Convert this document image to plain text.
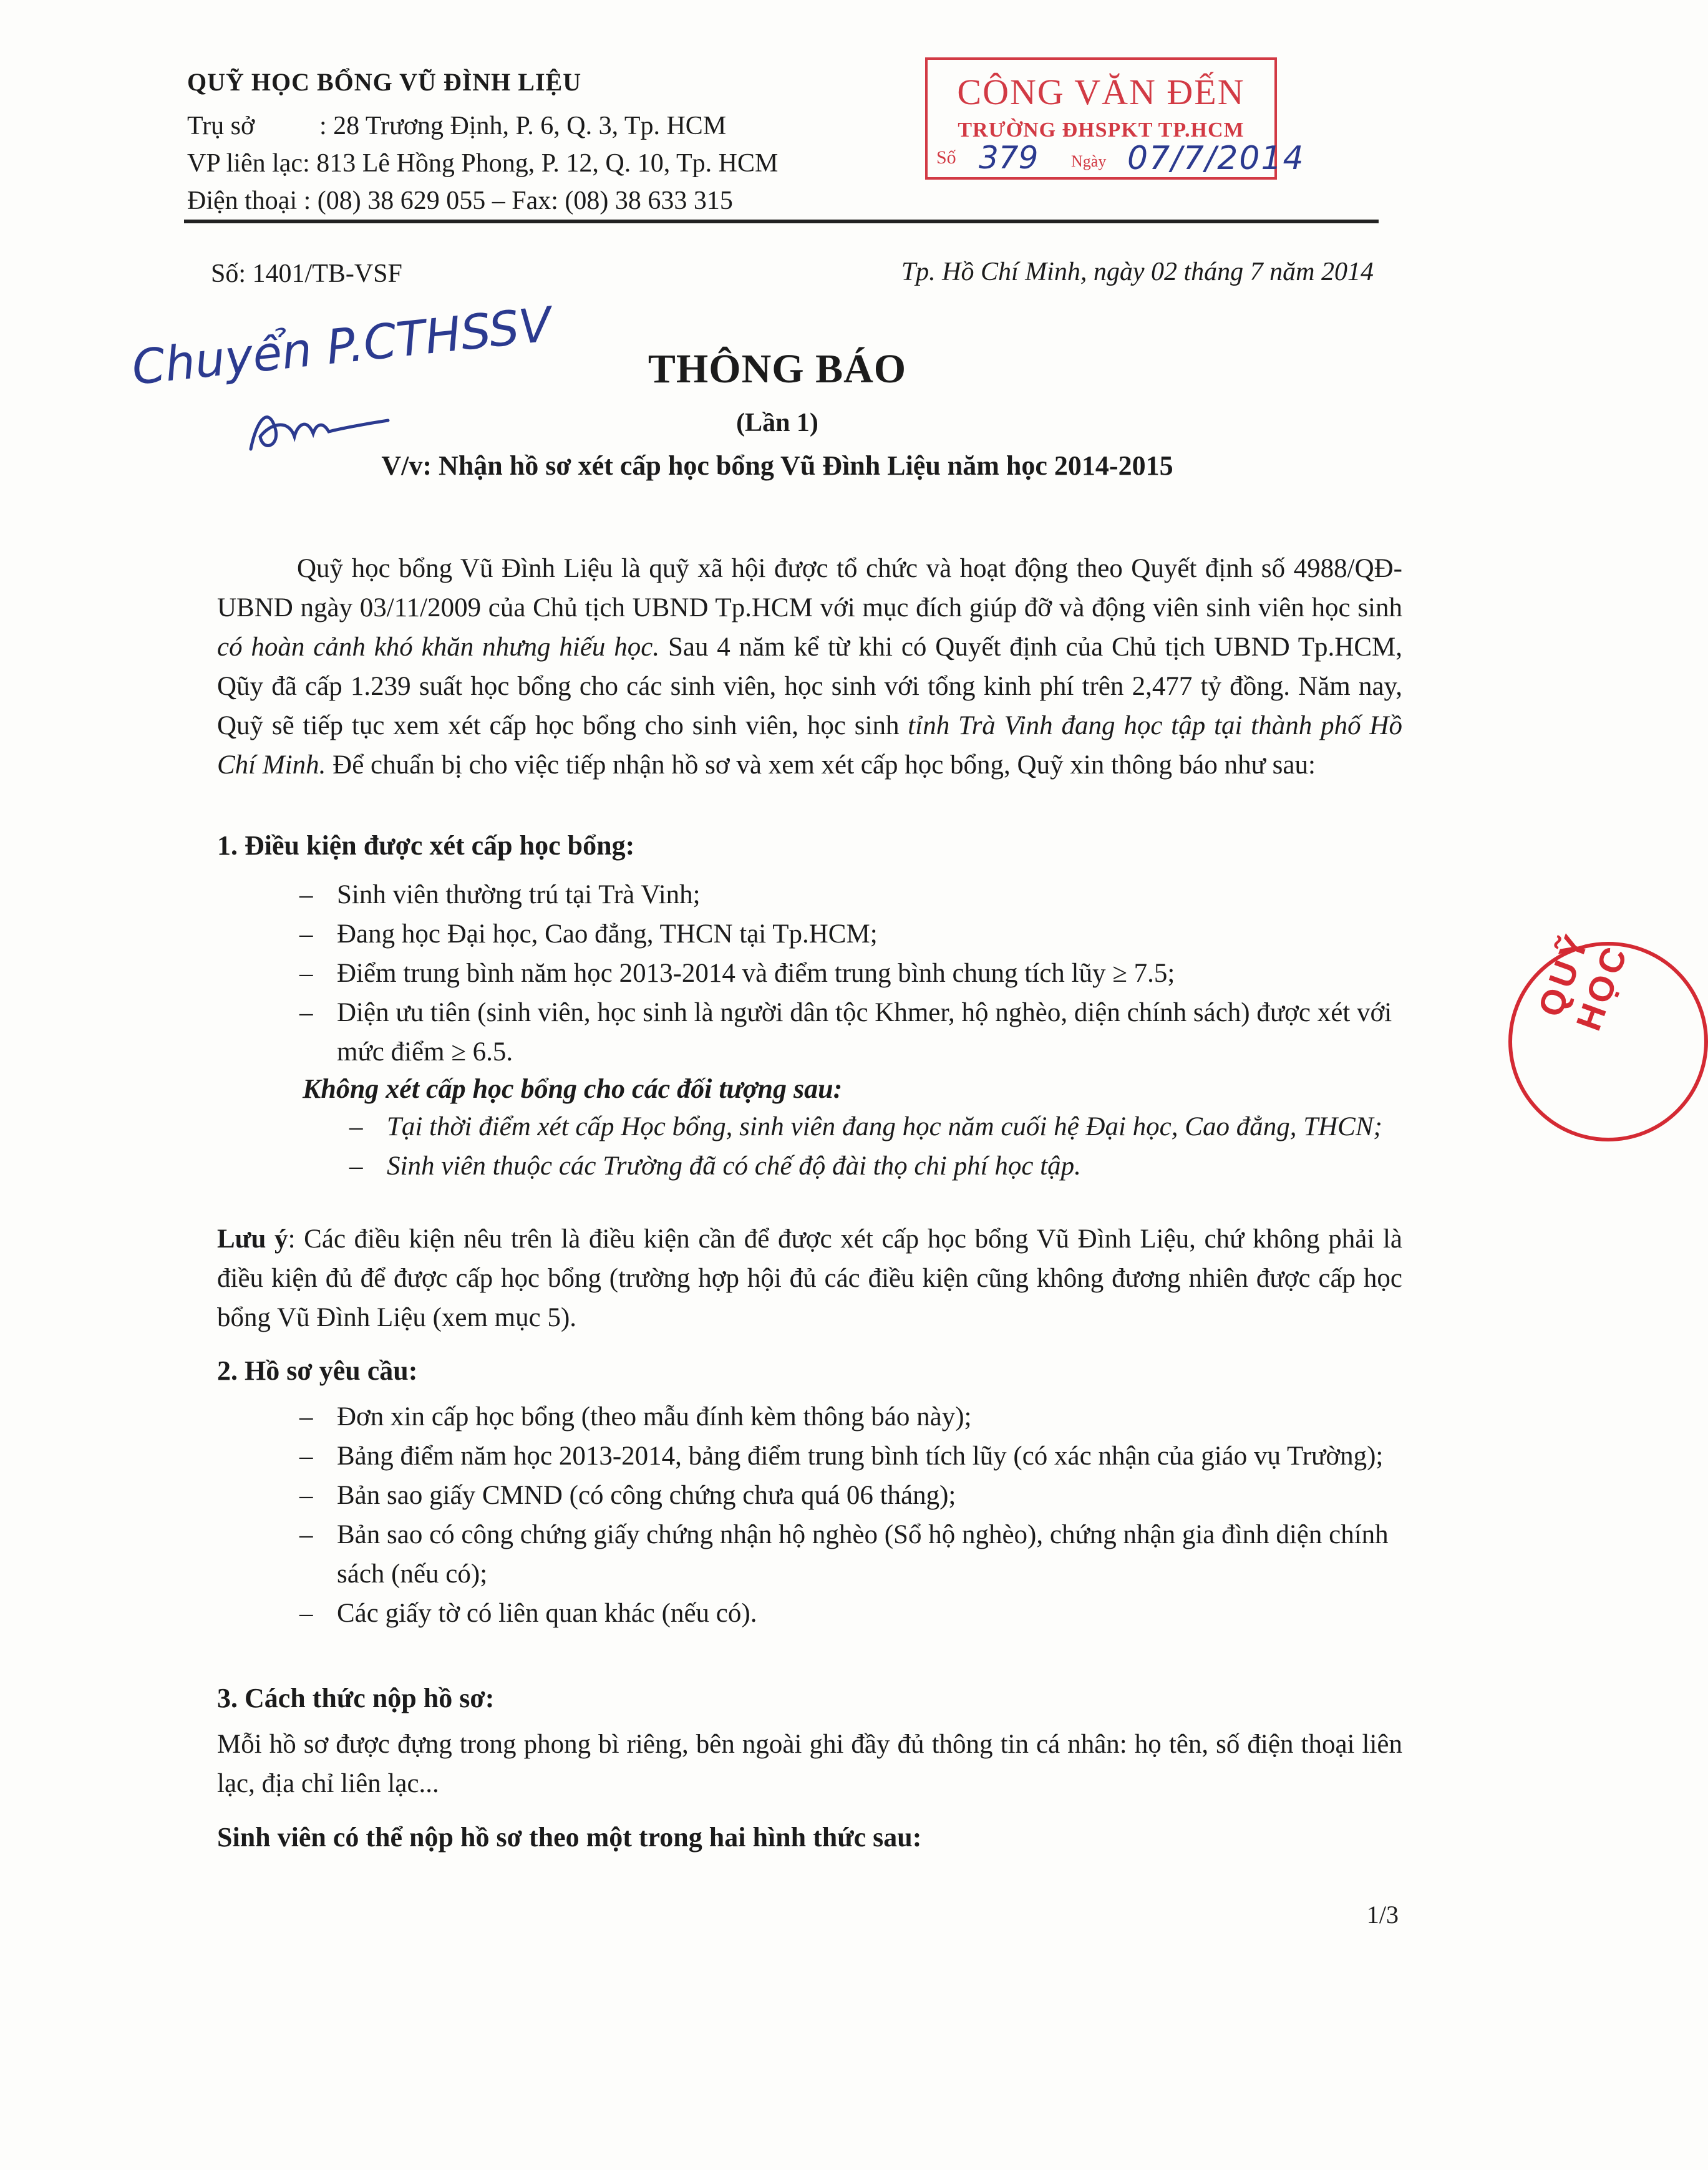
QUỸ HỌC BỔNG VŨ ĐÌNH LIỆU
Trụ sở : 28 Trương Định, P. 6, Q. 3, Tp. HCM
VP liên lạc: 813 Lê Hồng Phong, P. 12, Q. 10, Tp. HCM
Điện thoại : (08) 38 629 055 – Fax: (08) 38 633 315
CÔNG VĂN ĐẾN
TRƯỜNG ĐHSPKT TP.HCM
Số 379 Ngày 07/7/2014
Số: 1401/TB-VSF	Tp. Hồ Chí Minh, ngày 02 tháng 7 năm 2014
Chuyển P.CTHSSV	THÔNG BÁO
(Lần 1)
V/v: Nhận hồ sơ xét cấp học bổng Vũ Đình Liệu năm học 2014-2015
Quỹ học bổng Vũ Đình Liệu là quỹ xã hội được tổ chức và hoạt động theo Quyết định số 4988/QĐ-UBND ngày 03/11/2009 của Chủ tịch UBND Tp.HCM với mục đích giúp đỡ và động viên sinh viên học sinh có hoàn cảnh khó khăn nhưng hiếu học. Sau 4 năm kể từ khi có Quyết định của Chủ tịch UBND Tp.HCM, Qũy đã cấp 1.239 suất học bổng cho các sinh viên, học sinh với tổng kinh phí trên 2,477 tỷ đồng. Năm nay, Quỹ sẽ tiếp tục xem xét cấp học bổng cho sinh viên, học sinh tỉnh Trà Vinh đang học tập tại thành phố Hồ Chí Minh. Để chuẩn bị cho việc tiếp nhận hồ sơ và xem xét cấp học bổng, Quỹ xin thông báo như sau:
1. Điều kiện được xét cấp học bổng:
– Sinh viên thường trú tại Trà Vinh;
– Đang học Đại học, Cao đẳng, THCN tại Tp.HCM;
– Điểm trung bình năm học 2013-2014 và điểm trung bình chung tích lũy ≥ 7.5;
– Diện ưu tiên (sinh viên, học sinh là người dân tộc Khmer, hộ nghèo, diện chính sách) được xét với mức điểm ≥ 6.5.
Không xét cấp học bổng cho các đối tượng sau:
– Tại thời điểm xét cấp Học bổng, sinh viên đang học năm cuối hệ Đại học, Cao đẳng, THCN;
– Sinh viên thuộc các Trường đã có chế độ đài thọ chi phí học tập.
Lưu ý: Các điều kiện nêu trên là điều kiện cần để được xét cấp học bổng Vũ Đình Liệu, chứ không phải là điều kiện đủ để được cấp học bổng (trường hợp hội đủ các điều kiện cũng không đương nhiên được cấp học bổng Vũ Đình Liệu (xem mục 5).
2. Hồ sơ yêu cầu:
– Đơn xin cấp học bổng (theo mẫu đính kèm thông báo này);
– Bảng điểm năm học 2013-2014, bảng điểm trung bình tích lũy (có xác nhận của giáo vụ Trường);
– Bản sao giấy CMND (có công chứng chưa quá 06 tháng);
– Bản sao có công chứng giấy chứng nhận hộ nghèo (Sổ hộ nghèo), chứng nhận gia đình diện chính sách (nếu có);
– Các giấy tờ có liên quan khác (nếu có).
3. Cách thức nộp hồ sơ:
Mỗi hồ sơ được đựng trong phong bì riêng, bên ngoài ghi đầy đủ thông tin cá nhân: họ tên, số điện thoại liên lạc, địa chỉ liên lạc...
Sinh viên có thể nộp hồ sơ theo một trong hai hình thức sau:
1/3
QUỸ HỌC
